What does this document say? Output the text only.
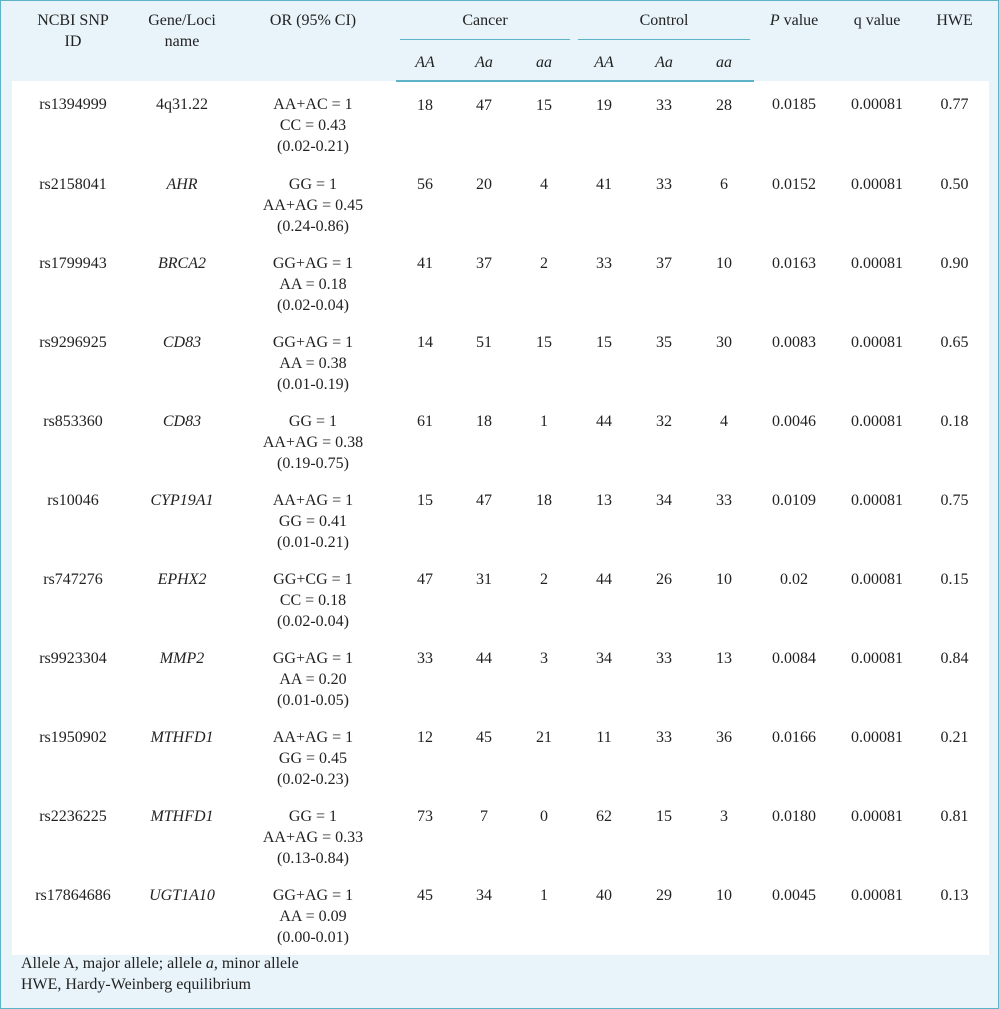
NCBI SNP
ID	Gene/Loci
name	OR (95% CI)	Cancer			Control			P value	q value	HWE
			AA	Aa	aa	AA	Aa	aa			
rs1394999	4q31.22	AA+AC = 1
CC = 0.43
(0.02-0.21)	18	47	15	19	33	28	0.0185	0.00081	0.77
rs2158041	AHR	GG = 1
AA+AG = 0.45
(0.24-0.86)	56	20	4	41	33	6	0.0152	0.00081	0.50
rs1799943	BRCA2	GG+AG = 1
AA = 0.18
(0.02-0.04)	41	37	2	33	37	10	0.0163	0.00081	0.90
rs9296925	CD83	GG+AG = 1
AA = 0.38
(0.01-0.19)	14	51	15	15	35	30	0.0083	0.00081	0.65
rs853360	CD83	GG = 1
AA+AG = 0.38
(0.19-0.75)	61	18	1	44	32	4	0.0046	0.00081	0.18
rs10046	CYP19A1	AA+AG = 1
GG = 0.41
(0.01-0.21)	15	47	18	13	34	33	0.0109	0.00081	0.75
rs747276	EPHX2	GG+CG = 1
CC = 0.18
(0.02-0.04)	47	31	2	44	26	10	0.02	0.00081	0.15
rs9923304	MMP2	GG+AG = 1
AA = 0.20
(0.01-0.05)	33	44	3	34	33	13	0.0084	0.00081	0.84
rs1950902	MTHFD1	AA+AG = 1
GG = 0.45
(0.02-0.23)	12	45	21	11	33	36	0.0166	0.00081	0.21
rs2236225	MTHFD1	GG = 1
AA+AG = 0.33
(0.13-0.84)	73	7	0	62	15	3	0.0180	0.00081	0.81
rs17864686	UGT1A10	GG+AG = 1
AA = 0.09
(0.00-0.01)	45	34	1	40	29	10	0.0045	0.00081	0.13
Allele A, major allele; allele a, minor allele
HWE, Hardy-Weinberg equilibrium
